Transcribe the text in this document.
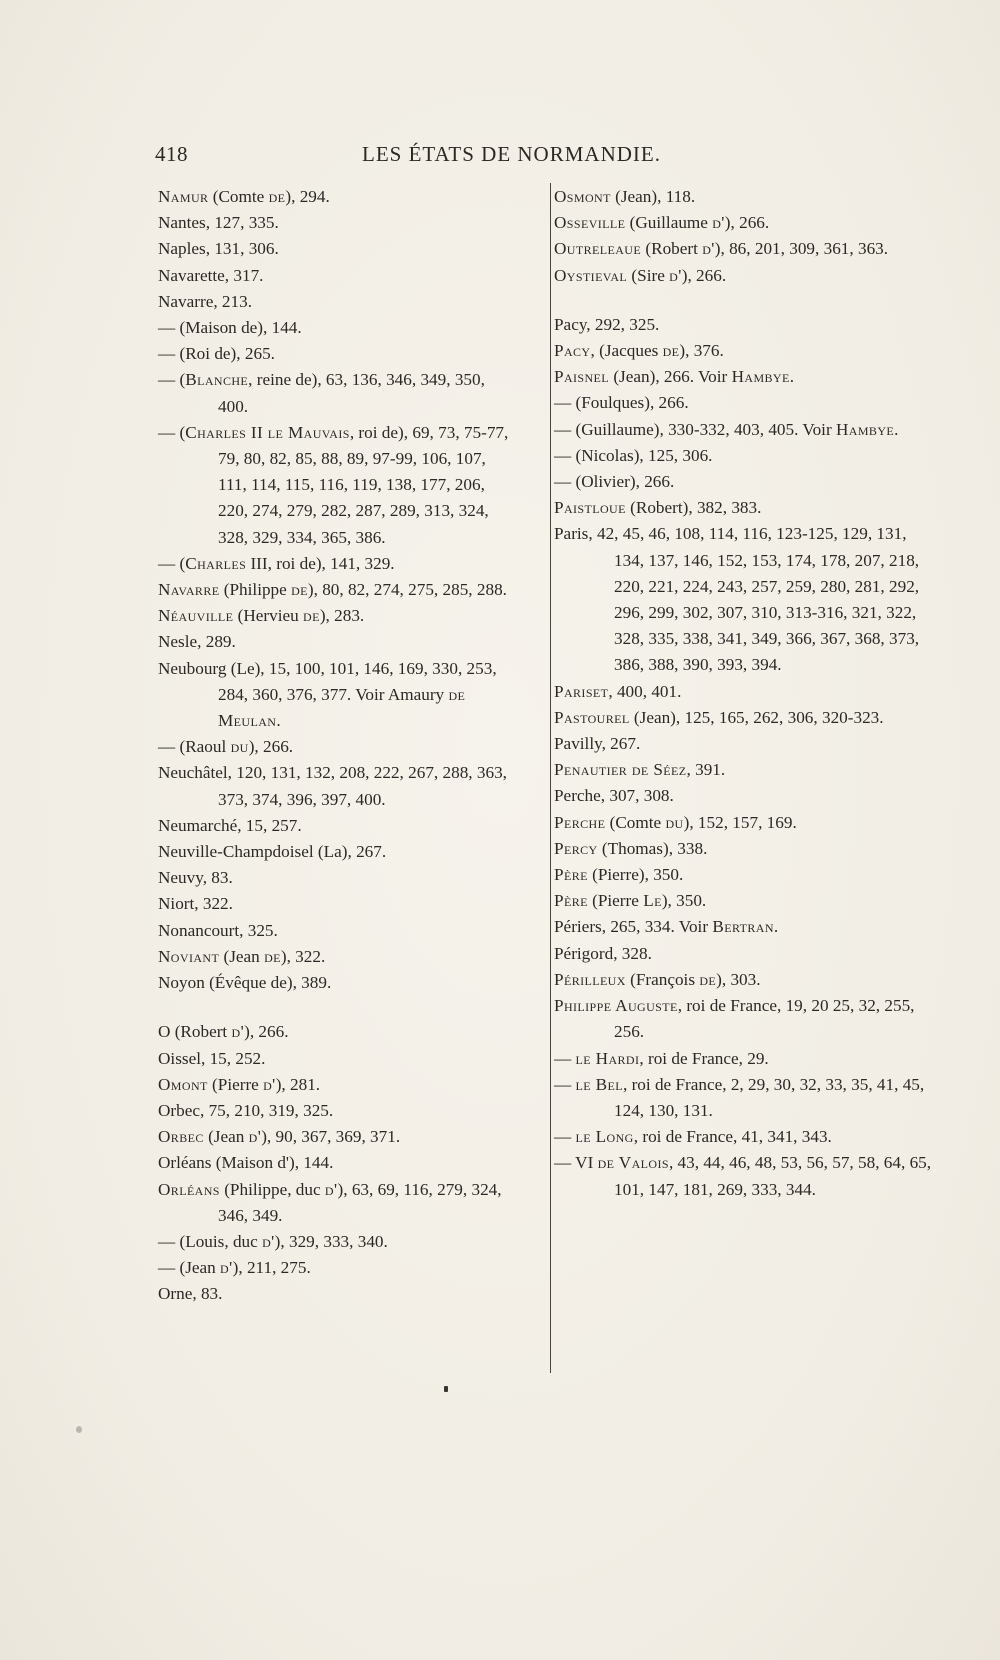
418	LES ÉTATS DE NORMANDIE.

Namur (Comte de), 294.

Nantes, 127, 335.

Naples, 131, 306.

Navarette, 317.

Navarre, 213.

— (Maison de), 144.

— (Roi de), 265.

— (Blanche, reine de), 63, 136, 346, 349, 350, 400.

— (Charles II le Mauvais, roi de), 69, 73, 75-77, 79, 80, 82, 85, 88, 89, 97-99, 106, 107, 111, 114, 115, 116, 119, 138, 177, 206, 220, 274, 279, 282, 287, 289, 313, 324, 328, 329, 334, 365, 386.

— (Charles III, roi de), 141, 329.

Navarre (Philippe de), 80, 82, 274, 275, 285, 288.

Néauville (Hervieu de), 283.

Nesle, 289.

Neubourg (Le), 15, 100, 101, 146, 169, 330, 253, 284, 360, 376, 377. Voir Amaury de Meulan.

— (Raoul du), 266.

Neuchâtel, 120, 131, 132, 208, 222, 267, 288, 363, 373, 374, 396, 397, 400.

Neumarché, 15, 257.

Neuville-Champdoisel (La), 267.

Neuvy, 83.

Niort, 322.

Nonancourt, 325.

Noviant (Jean de), 322.

Noyon (Évêque de), 389.

O (Robert d'), 266.

Oissel, 15, 252.

Omont (Pierre d'), 281.

Orbec, 75, 210, 319, 325.

Orbec (Jean d'), 90, 367, 369, 371.

Orléans (Maison d'), 144.

Orléans (Philippe, duc d'), 63, 69, 116, 279, 324, 346, 349.

— (Louis, duc d'), 329, 333, 340.

— (Jean d'), 211, 275.

Orne, 83.

Osmont (Jean), 118.

Osseville (Guillaume d'), 266.

Outreleaue (Robert d'), 86, 201, 309, 361, 363.

Oystieval (Sire d'), 266.

Pacy, 292, 325.

Pacy, (Jacques de), 376.

Paisnel (Jean), 266. Voir Hambye.

— (Foulques), 266.

— (Guillaume), 330-332, 403, 405. Voir Hambye.

— (Nicolas), 125, 306.

— (Olivier), 266.

Paistloue (Robert), 382, 383.

Paris, 42, 45, 46, 108, 114, 116, 123-125, 129, 131, 134, 137, 146, 152, 153, 174, 178, 207, 218, 220, 221, 224, 243, 257, 259, 280, 281, 292, 296, 299, 302, 307, 310, 313-316, 321, 322, 328, 335, 338, 341, 349, 366, 367, 368, 373, 386, 388, 390, 393, 394.

Pariset, 400, 401.

Pastourel (Jean), 125, 165, 262, 306, 320-323.

Pavilly, 267.

Penautier de Séez, 391.

Perche, 307, 308.

Perche (Comte du), 152, 157, 169.

Percy (Thomas), 338.

Père (Pierre), 350.

Père (Pierre Le), 350.

Périers, 265, 334. Voir Bertran.

Périgord, 328.

Périlleux (François de), 303.

Philippe Auguste, roi de France, 19, 20 25, 32, 255, 256.

— le Hardi, roi de France, 29.

— le Bel, roi de France, 2, 29, 30, 32, 33, 35, 41, 45, 124, 130, 131.

— le Long, roi de France, 41, 341, 343.

— VI de Valois, 43, 44, 46, 48, 53, 56, 57, 58, 64, 65, 101, 147, 181, 269, 333, 344.
